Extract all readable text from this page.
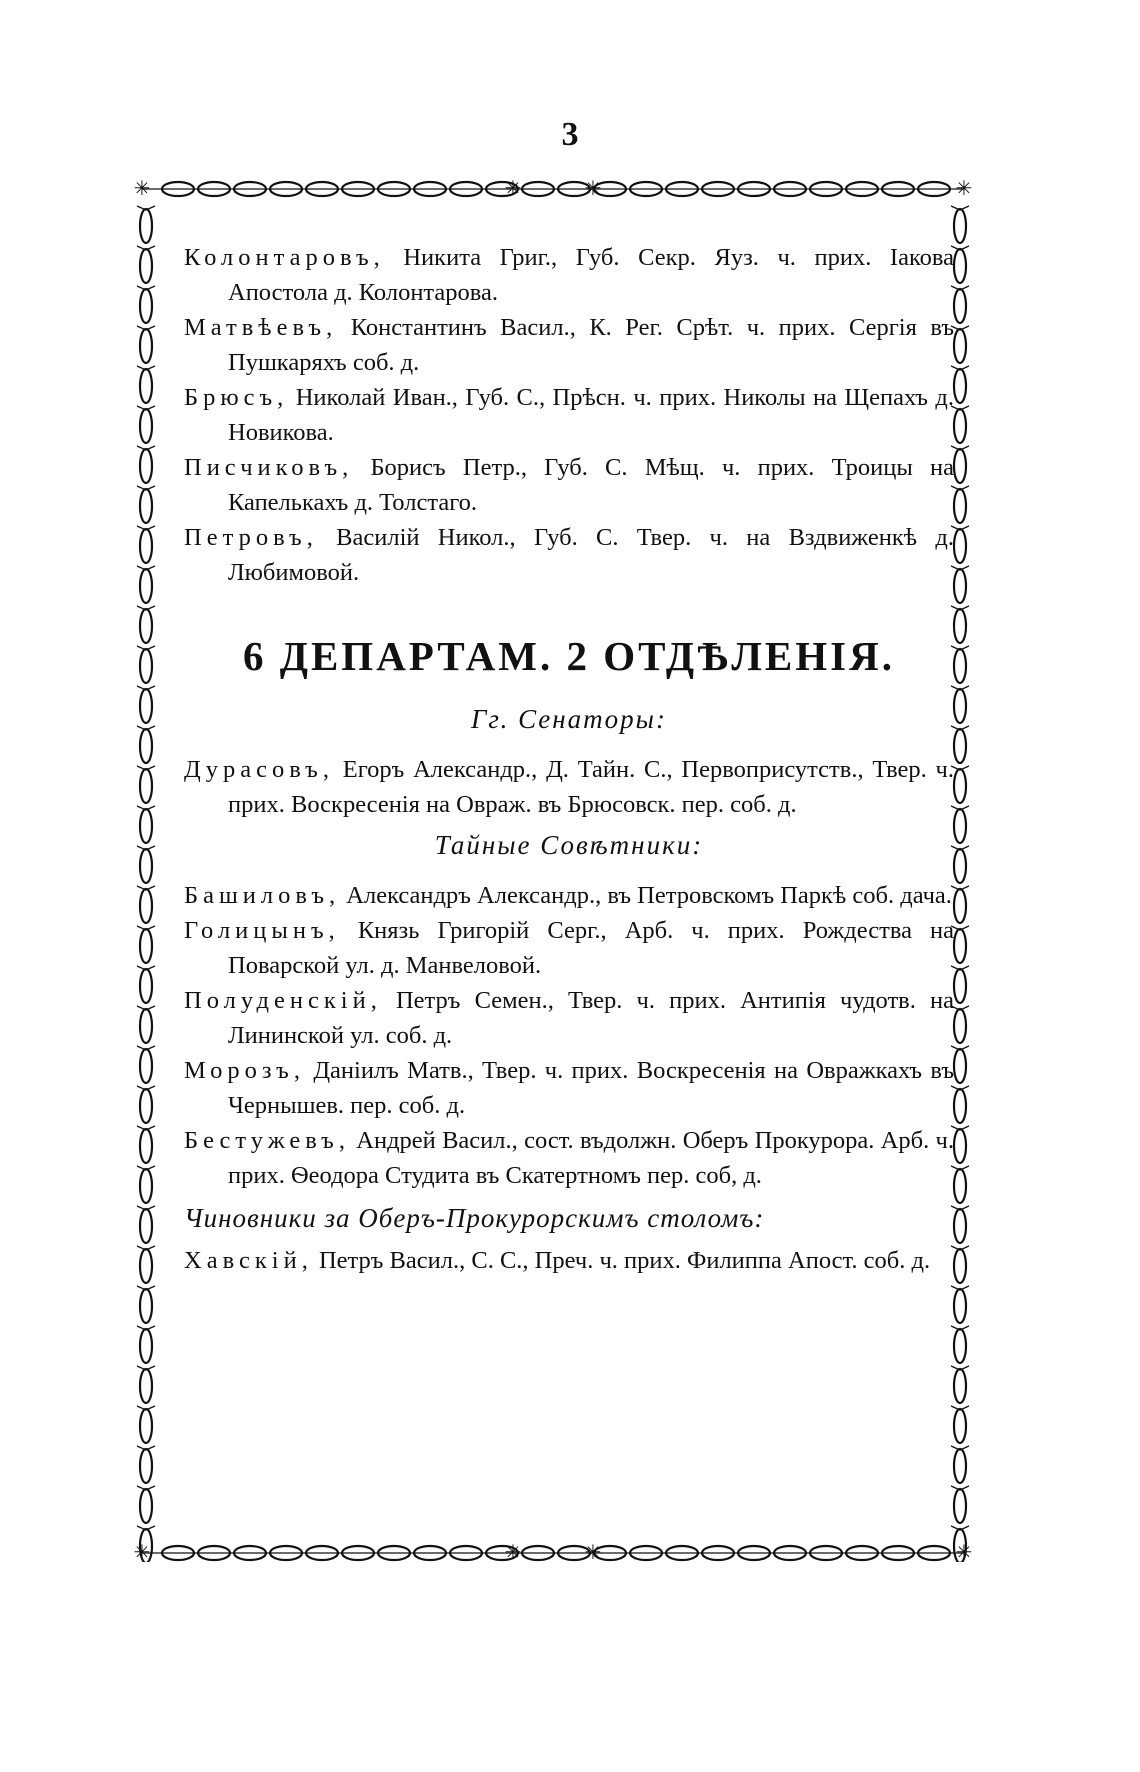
3
✳	✳
✳	✳
✳	✳
✳	✳

Колонтаровъ, Никита Григ., Губ. Секр. Яуз. ч. прих. Іакова Апостола д. Колонтарова.

Матвѣевъ, Константинъ Васил., К. Рег. Срѣт. ч. прих. Сергія въ Пушкаряхъ соб. д.

Брюсъ, Николай Иван., Губ. С., Прѣсн. ч. прих. Николы на Щепахъ д. Новикова.

Писчиковъ, Борисъ Петр., Губ. С. Мѣщ. ч. прих. Троицы на Капелькахъ д. Толстаго.

Петровъ, Василій Никол., Губ. С. Твер. ч. на Вздвиженкѣ д. Любимовой.

6 ДЕПАРТАМ. 2 ОТДѢЛЕНІЯ.
Гг. Сенаторы:

Дурасовъ, Егоръ Александр., Д. Тайн. С., Первоприсутств., Твер. ч. прих. Воскресенія на Овраж. въ Брюсовск. пер. соб. д.

Тайные Совѣтники:

Башиловъ, Александръ Александр., въ Петровскомъ Паркѣ соб. дача.

Голицынъ, Князь Григорій Серг., Арб. ч. прих. Рождества на Поварской ул. д. Манвеловой.

Полуденскій, Петръ Семен., Твер. ч. прих. Антипія чудотв. на Лининской ул. соб. д.

Морозъ, Даніилъ Матв., Твер. ч. прих. Воскресенія на Овражкахъ въ Чернышев. пер. соб. д.

Бестужевъ, Андрей Васил., сост. въдолжн. Оберъ Прокурора. Арб. ч. прих. Ѳеодора Студита въ Скатертномъ пер. соб, д.

Чиновники за Оберъ-Прокурорскимъ столомъ:

Хавскій, Петръ Васил., С. С., Преч. ч. прих. Филиппа Апост. соб. д.
